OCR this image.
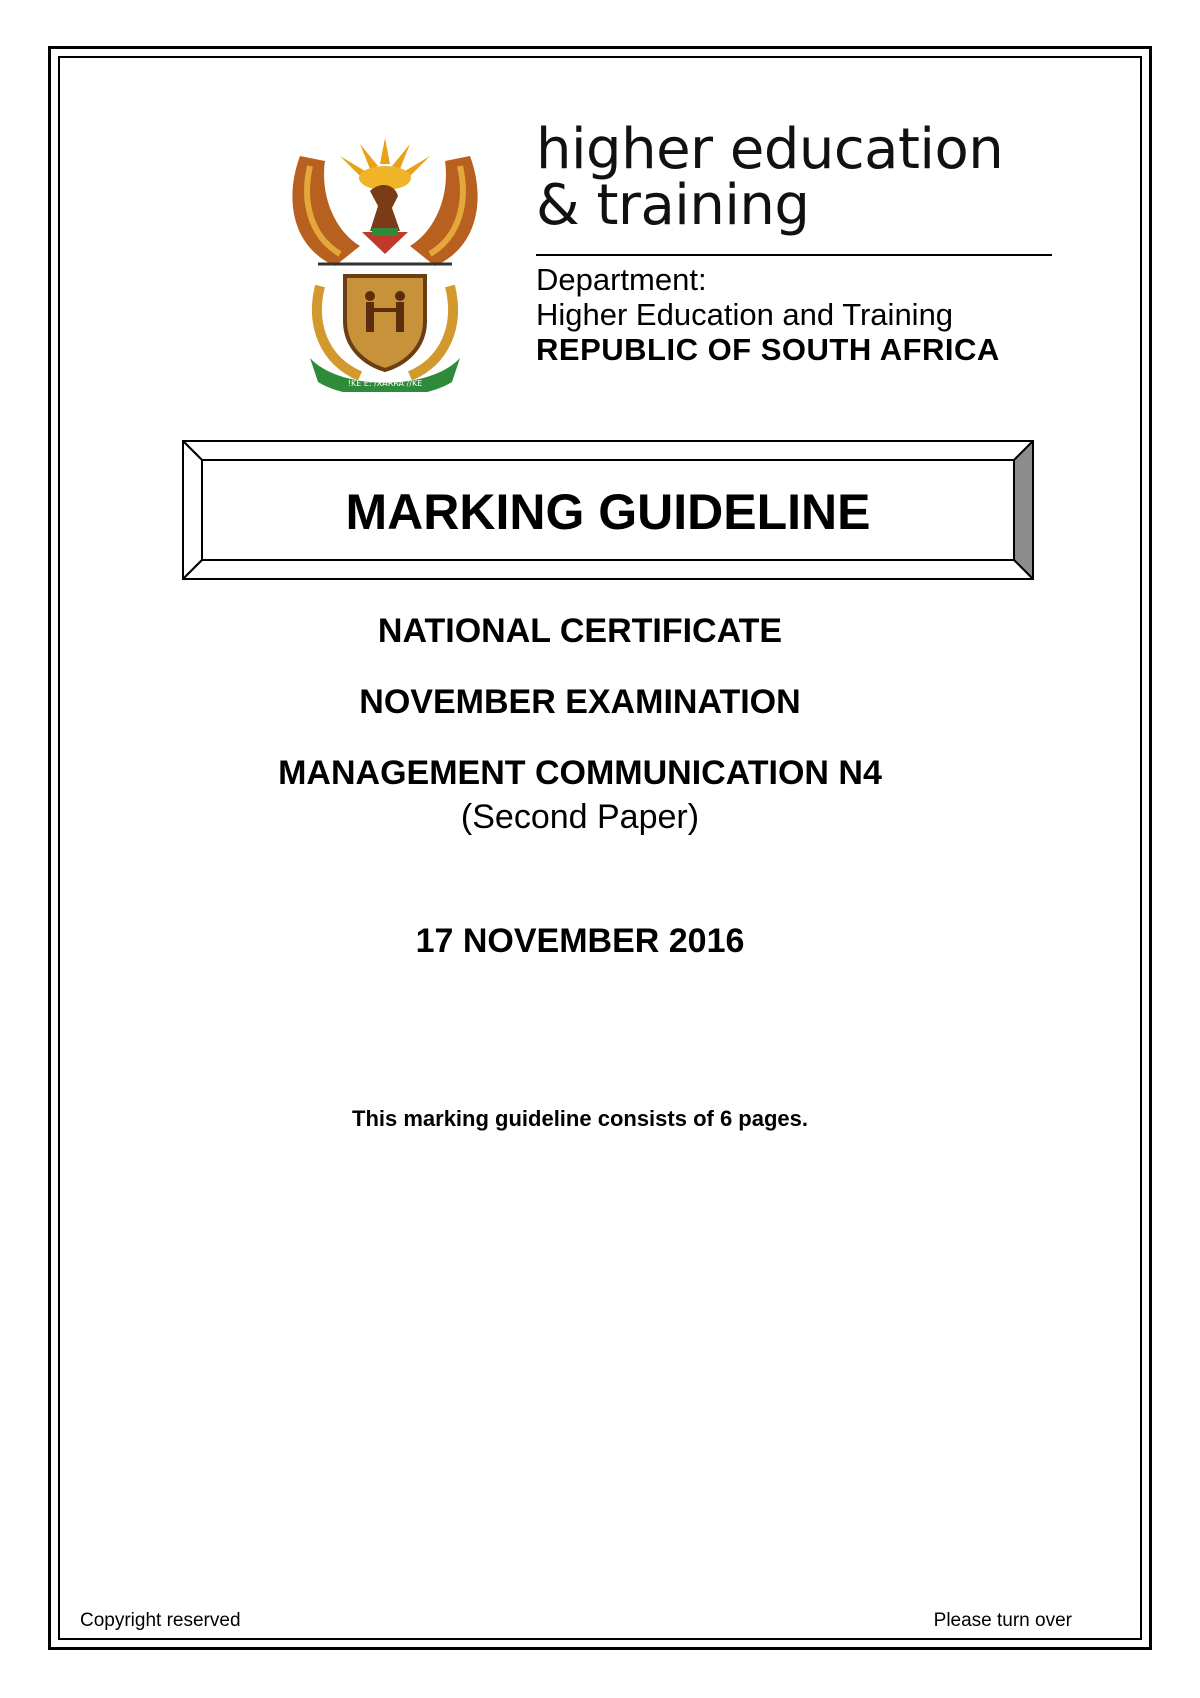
!KE E: /XARRA //KE
higher education
& training
Department:
Higher Education and Training
REPUBLIC OF SOUTH AFRICA
MARKING GUIDELINE
NATIONAL CERTIFICATE
NOVEMBER EXAMINATION
MANAGEMENT COMMUNICATION N4
(Second Paper)
17 NOVEMBER 2016
This marking guideline consists of 6 pages.
Copyright reserved	Please turn over
